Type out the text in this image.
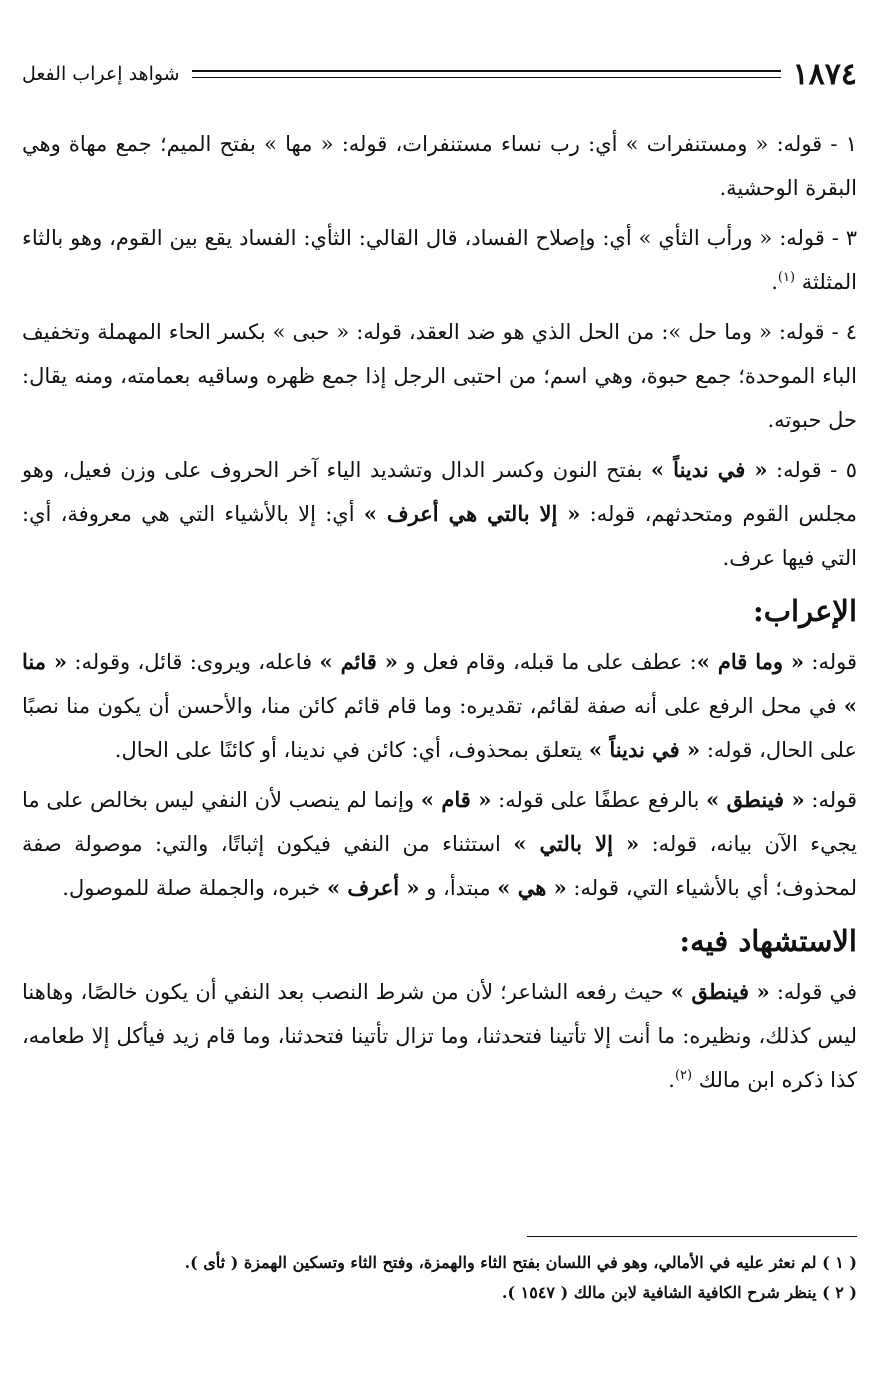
١٨٧٤
شواهد إعراب الفعل

١ - قوله: « ومستنفرات » أي: رب نساء مستنفرات، قوله: « مها » بفتح الميم؛ جمع مهاة وهي البقرة الوحشية.

٣ - قوله: « ورأب الثأي » أي: وإصلاح الفساد، قال القالي: الثأي: الفساد يقع بين القوم، وهو بالثاء المثلثة $^{(١)}$.

٤ - قوله: « وما حل »: من الحل الذي هو ضد العقد، قوله: « حبى » بكسر الحاء المهملة وتخفيف الباء الموحدة؛ جمع حبوة، وهي اسم؛ من احتبى الرجل إذا جمع ظهره وساقيه بعمامته، ومنه يقال: حل حبوته.

٥ - قوله: « في نديناً » بفتح النون وكسر الدال وتشديد الياء آخر الحروف على وزن فعيل، وهو مجلس القوم ومتحدثهم، قوله: « إلا بالتي هي أعرف » أي: إلا بالأشياء التي هي معروفة، أي: التي فيها عرف.

الإعراب:

قوله: « وما قام »: عطف على ما قبله، وقام فعل و « قائم » فاعله، ويروى: قائل، وقوله: « منا » في محل الرفع على أنه صفة لقائم، تقديره: وما قام قائم كائن منا، والأحسن أن يكون منا نصبًا على الحال، قوله: « في نديناً » يتعلق بمحذوف، أي: كائن في ندينا، أو كائنًا على الحال.

قوله: « فينطق » بالرفع عطفًا على قوله: « قام » وإنما لم ينصب لأن النفي ليس بخالص على ما يجيء الآن بيانه، قوله: « إلا بالتي » استثناء من النفي فيكون إثباتًا، والتي: موصولة صفة لمحذوف؛ أي بالأشياء التي، قوله: « هي » مبتدأ، و « أعرف » خبره، والجملة صلة للموصول.

الاستشهاد فيه:

في قوله: « فينطق » حيث رفعه الشاعر؛ لأن من شرط النصب بعد النفي أن يكون خالصًا، وهاهنا ليس كذلك، ونظيره: ما أنت إلا تأتينا فتحدثنا، وما تزال تأتينا فتحدثنا، وما قام زيد فيأكل إلا طعامه، كذا ذكره ابن مالك $^{(٢)}$.

( ١ ) لم نعثر عليه في الأمالي، وهو في اللسان بفتح الثاء والهمزة، وفتح الثاء وتسكين الهمزة ( ثأى ).

( ٢ ) ينظر شرح الكافية الشافية لابن مالك ( ١٥٤٧ ).
